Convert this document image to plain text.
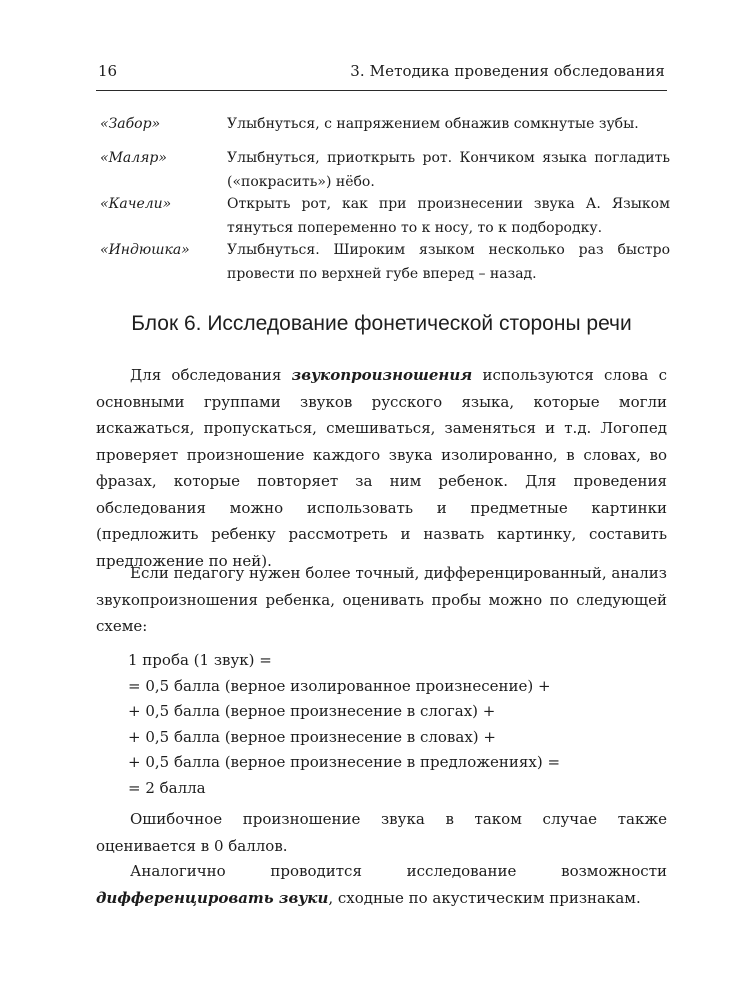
16	3. Методика проведения обследования
«Забор»	Улыбнуться, с напряжением обнажив сомкнутые зубы.
«Маляр»	Улыбнуться, приоткрыть рот. Кончиком языка погладить («покрасить») нёбо.
«Качели»	Открыть рот, как при произнесении звука А. Языком тянуться попеременно то к носу, то к подбородку.
«Индюшка»	Улыбнуться. Широким языком несколько раз быстро провести по верхней губе вперед – назад.
Блок 6. Исследование фонетической стороны речи
Для обследования звукопроизношения используются слова с основными группами звуков русского языка, которые могли искажаться, пропускаться, смешиваться, заменяться и т.д. Логопед проверяет произношение каждого звука изолированно, в словах, во фразах, которые повторяет за ним ребенок. Для проведения обследования можно использовать и предметные картинки (предложить ребенку рассмотреть и назвать картинку, составить предложение по ней).
Если педагогу нужен более точный, дифференцированный, анализ звукопроизношения ребенка, оценивать пробы можно по следующей схеме:
1 проба (1 звук) =
= 0,5 балла (верное изолированное произнесение) +
+ 0,5 балла (верное произнесение в слогах) +
+ 0,5 балла (верное произнесение в словах) +
+ 0,5 балла (верное произнесение в предложениях) =
= 2 балла
Ошибочное произношение звука в таком случае также оценивается в 0 баллов.
Аналогично проводится исследование возможности дифференцировать звуки, сходные по акустическим признакам.
